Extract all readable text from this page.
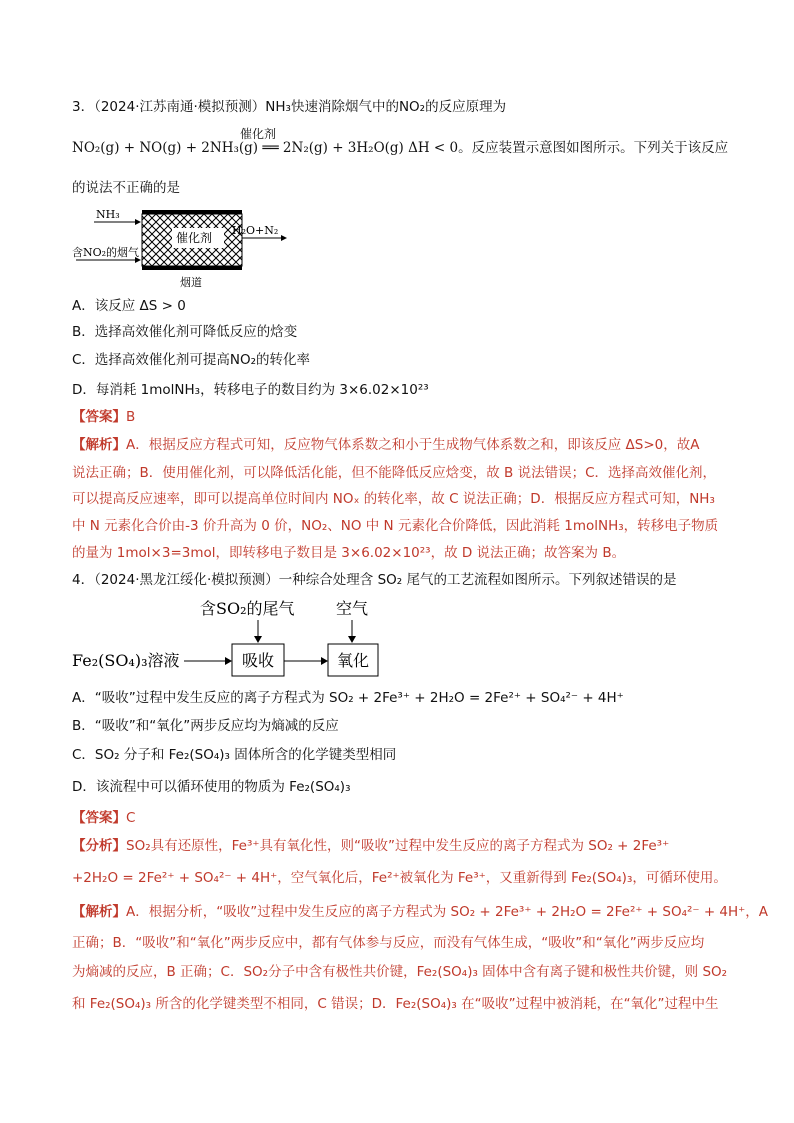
3．（2024·江苏南通·模拟预测）NH₃快速消除烟气中的NO₂的反应原理为
NO₂(g) + NO(g) + 2NH₃(g) ══ 2N₂(g) + 3H₂O(g) ΔH < 0。反应装置示意图如图所示。下列关于该反应
催化剂
的说法不正确的是
NH₃
含NO₂的烟气
催化剂
H₂O+N₂
烟道
A．该反应 ΔS > 0
B．选择高效催化剂可降低反应的焓变
C．选择高效催化剂可提高NO₂的转化率
D．每消耗 1molNH₃，转移电子的数目约为 3×6.02×10²³
【答案】B
【解析】A．根据反应方程式可知，反应物气体系数之和小于生成物气体系数之和，即该反应 ΔS>0，故A
说法正确；B．使用催化剂，可以降低活化能，但不能降低反应焓变，故 B 说法错误；C．选择高效催化剂，
可以提高反应速率，即可以提高单位时间内 NOₓ 的转化率，故 C 说法正确；D．根据反应方程式可知，NH₃
中 N 元素化合价由-3 价升高为 0 价，NO₂、NO 中 N 元素化合价降低，因此消耗 1molNH₃，转移电子物质
的量为 1mol×3=3mol，即转移电子数目是 3×6.02×10²³，故 D 说法正确；故答案为 B。
4．（2024·黑龙江绥化·模拟预测）一种综合处理含 SO₂ 尾气的工艺流程如图所示。下列叙述错误的是
含SO₂的尾气	空气
Fe₂(SO₄)₃溶液	吸收	氧化
A．“吸收”过程中发生反应的离子方程式为 SO₂ + 2Fe³⁺ + 2H₂O = 2Fe²⁺ + SO₄²⁻ + 4H⁺
B．“吸收”和“氧化”两步反应均为熵减的反应
C．SO₂ 分子和 Fe₂(SO₄)₃ 固体所含的化学键类型相同
D．该流程中可以循环使用的物质为 Fe₂(SO₄)₃
【答案】C
【分析】SO₂具有还原性，Fe³⁺具有氧化性，则“吸收”过程中发生反应的离子方程式为 SO₂ + 2Fe³⁺
+2H₂O = 2Fe²⁺ + SO₄²⁻ + 4H⁺，空气氧化后，Fe²⁺被氧化为 Fe³⁺，又重新得到 Fe₂(SO₄)₃，可循环使用。
【解析】A．根据分析，“吸收”过程中发生反应的离子方程式为 SO₂ + 2Fe³⁺ + 2H₂O = 2Fe²⁺ + SO₄²⁻ + 4H⁺，A
正确；B．“吸收”和“氧化”两步反应中，都有气体参与反应，而没有气体生成，“吸收”和“氧化”两步反应均
为熵减的反应，B 正确；C．SO₂分子中含有极性共价键，Fe₂(SO₄)₃ 固体中含有离子键和极性共价键，则 SO₂
和 Fe₂(SO₄)₃ 所含的化学键类型不相同，C 错误；D．Fe₂(SO₄)₃ 在“吸收”过程中被消耗，在“氧化”过程中生
